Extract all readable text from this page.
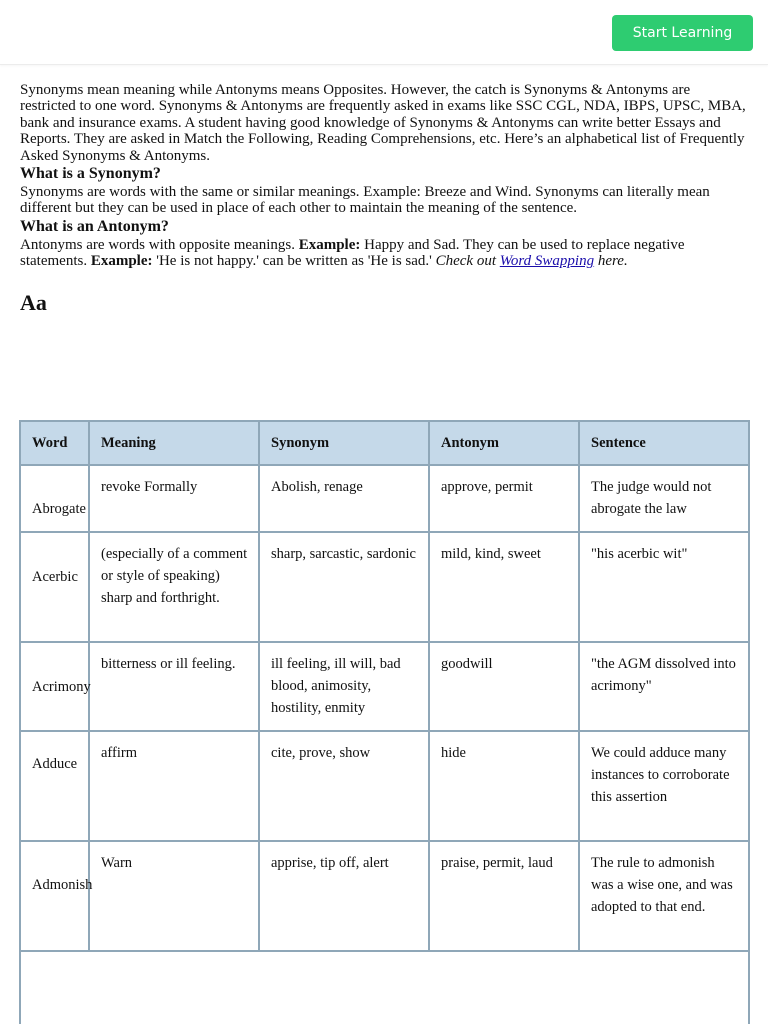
Start Learning

Synonyms mean meaning while Antonyms means Opposites. However, the catch is Synonyms & Antonyms are restricted to one word. Synonyms & Antonyms are frequently asked in exams like SSC CGL, NDA, IBPS, UPSC, MBA, bank and insurance exams. A student having good knowledge of Synonyms & Antonyms can write better Essays and Reports. They are asked in Match the Following, Reading Comprehensions, etc. Here’s an alphabetical list of Frequently Asked Synonyms & Antonyms.

What is a Synonym?

Synonyms are words with the same or similar meanings. Example: Breeze and Wind. Synonyms can literally mean different but they can be used in place of each other to maintain the meaning of the sentence.

What is an Antonym?

Antonyms are words with opposite meanings. Example: Happy and Sad. They can be used to replace negative statements. Example: 'He is not happy.' can be written as 'He is sad.' Check out Word Swapping here.

Aa
Word	Meaning	Synonym	Antonym	Sentence
Abrogate	revoke Formally	Abolish, renage	approve, permit	The judge would not abrogate the law
Acerbic	(especially of a comment or style of speaking) sharp and forthright.	sharp, sarcastic, sardonic	mild, kind, sweet	"his acerbic wit"
Acrimony	bitterness or ill feeling.	ill feeling, ill will, bad blood, animosity, hostility, enmity	goodwill	"the AGM dissolved into acrimony"
Adduce	affirm	cite, prove, show	hide	We could adduce many instances to corroborate this assertion
Admonish	Warn	apprise, tip off, alert	praise, permit, laud	The rule to admonish was a wise one, and was adopted to that end.
